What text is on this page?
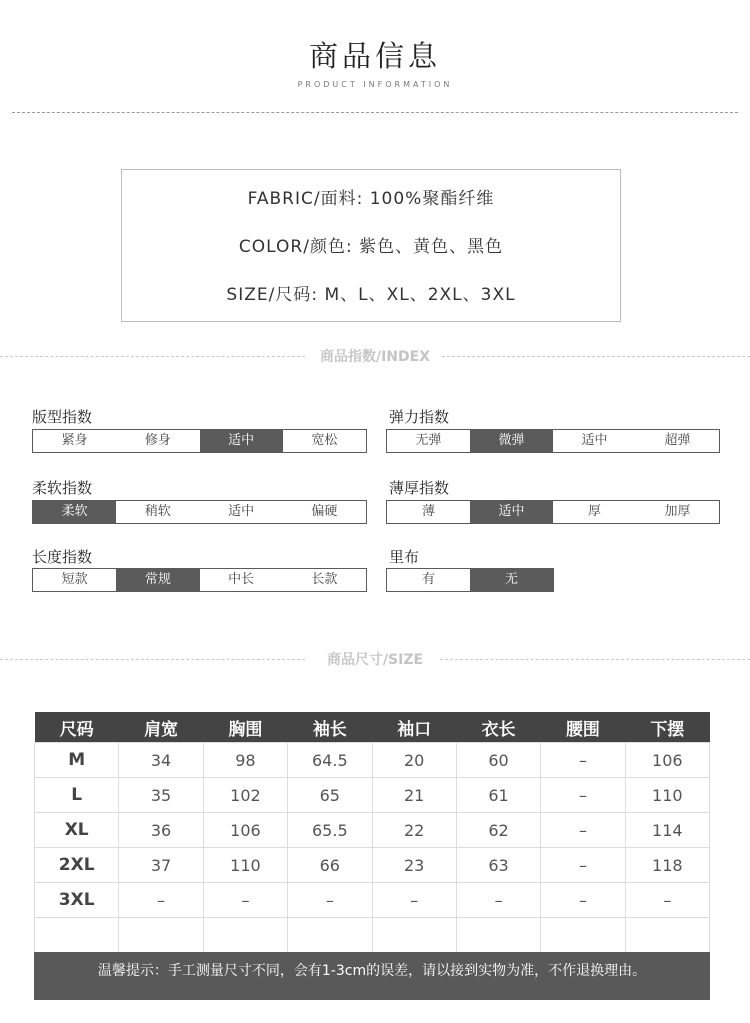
商品信息
PRODUCT INFORMATION
FABRIC/面料: 100%聚酯纤维
COLOR/颜色: 紫色、黄色、黑色
SIZE/尺码: M、L、XL、2XL、3XL
商品指数/INDEX
版型指数
紧身	修身	适中	宽松
弹力指数
无弹	微弹	适中	超弹
柔软指数
柔软	稍软	适中	偏硬
薄厚指数
薄	适中	厚	加厚
长度指数
短款	常规	中长	长款
里布
有	无
商品尺寸/SIZE
尺码	肩宽	胸围	袖长	袖口	衣长	腰围	下摆
M	34	98	64.5	20	60	–	106
L	35	102	65	21	61	–	110
XL	36	106	65.5	22	62	–	114
2XL	37	110	66	23	63	–	118
3XL	–	–	–	–	–	–	–

温馨提示：手工测量尺寸不同，会有1-3cm的误差，请以接到实物为准，不作退换理由。
